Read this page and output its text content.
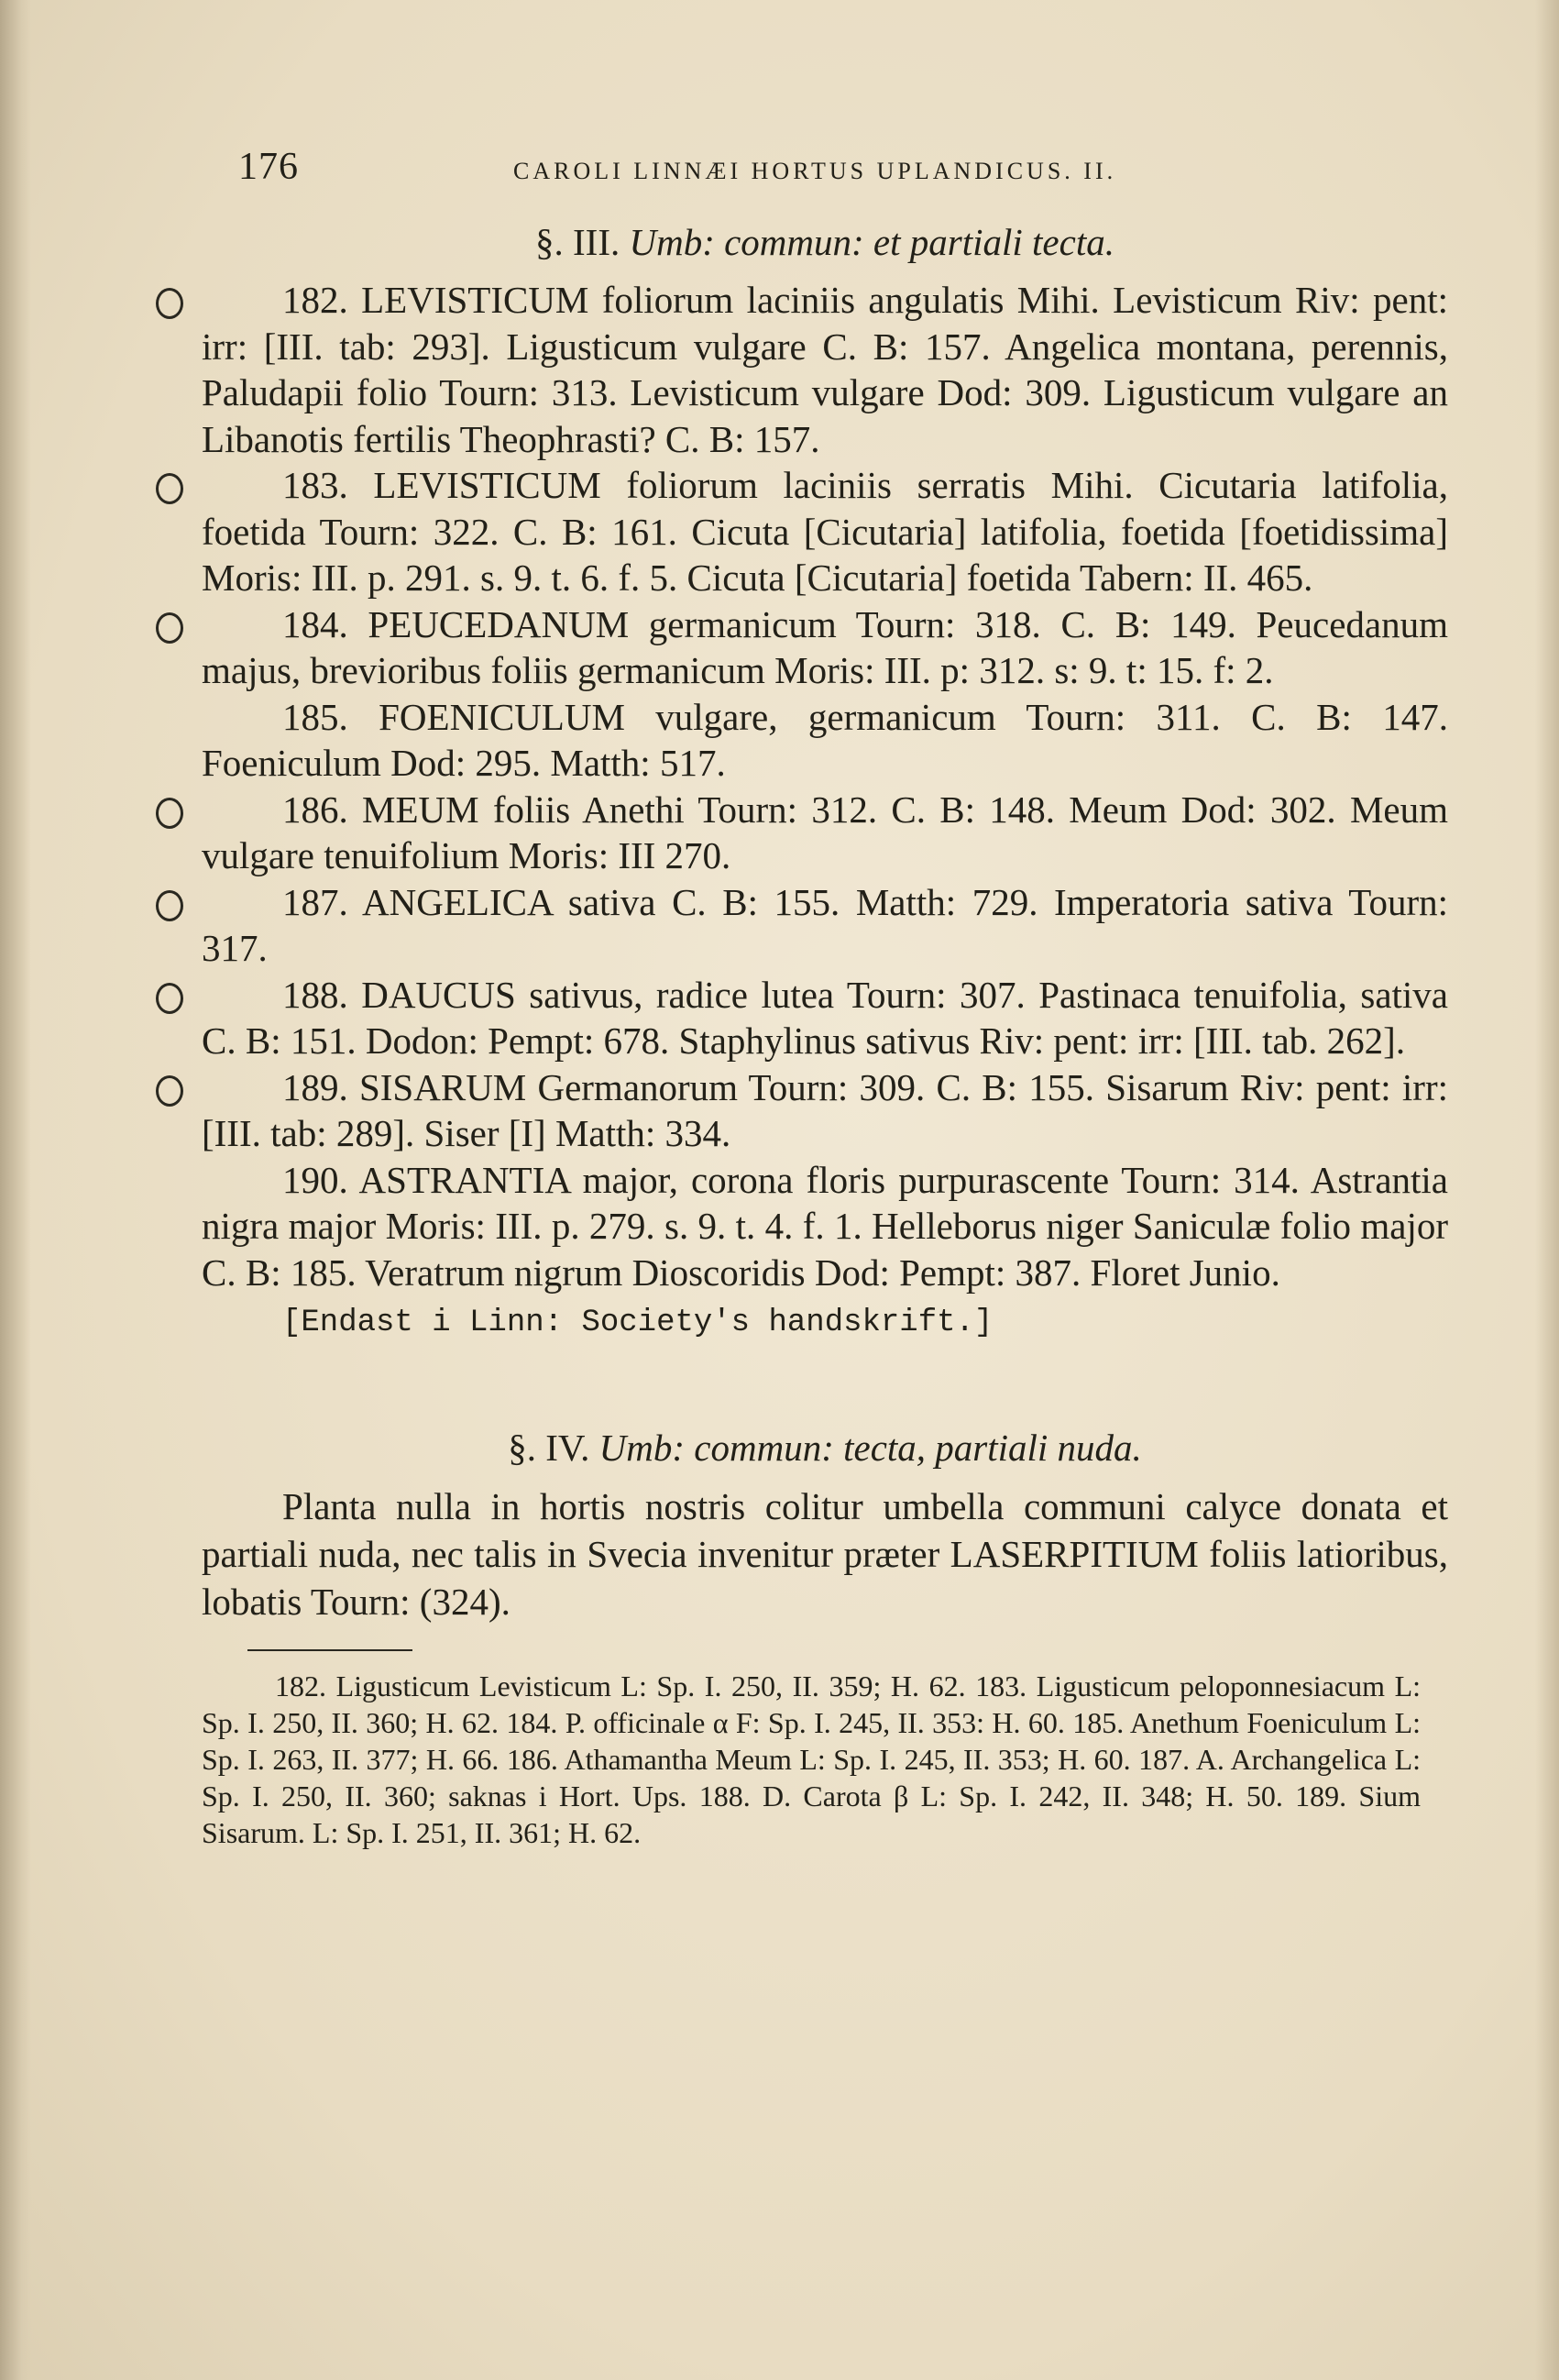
176	CAROLI LINNÆI HORTUS UPLANDICUS. II.
§. III. Umb: commun: et partiali tecta.
182. LEVISTICUM foliorum laciniis angulatis Mihi. Levisticum Riv: pent: irr: [III. tab: 293]. Ligusticum vulgare C. B: 157. Angelica montana, perennis, Paludapii folio Tourn: 313. Levisticum vulgare Dod: 309. Ligusticum vulgare an Libanotis fertilis Theophrasti? C. B: 157.
183. LEVISTICUM foliorum laciniis serratis Mihi. Cicutaria latifolia, foetida Tourn: 322. C. B: 161. Cicuta [Cicutaria] latifolia, foetida [foetidissima] Moris: III. p. 291. s. 9. t. 6. f. 5. Cicuta [Cicutaria] foetida Tabern: II. 465.
184. PEUCEDANUM germanicum Tourn: 318. C. B: 149. Peucedanum majus, brevioribus foliis germanicum Moris: III. p: 312. s: 9. t: 15. f: 2.
185. FOENICULUM vulgare, germanicum Tourn: 311. C. B: 147. Foeniculum Dod: 295. Matth: 517.
186. MEUM foliis Anethi Tourn: 312. C. B: 148. Meum Dod: 302. Meum vulgare tenuifolium Moris: III 270.
187. ANGELICA sativa C. B: 155. Matth: 729. Imperatoria sativa Tourn: 317.
188. DAUCUS sativus, radice lutea Tourn: 307. Pastinaca tenuifolia, sativa C. B: 151. Dodon: Pempt: 678. Staphylinus sativus Riv: pent: irr: [III. tab. 262].
189. SISARUM Germanorum Tourn: 309. C. B: 155. Sisarum Riv: pent: irr: [III. tab: 289]. Siser [I] Matth: 334.
190. ASTRANTIA major, corona floris purpurascente Tourn: 314. Astrantia nigra major Moris: III. p. 279. s. 9. t. 4. f. 1. Helleborus niger Saniculæ folio major C. B: 185. Veratrum nigrum Dioscoridis Dod: Pempt: 387. Floret Junio.
[Endast i Linn: Society's handskrift.]
§. IV. Umb: commun: tecta, partiali nuda.

Planta nulla in hortis nostris colitur umbella communi calyce donata et partiali nuda, nec talis in Svecia invenitur præter LASERPITIUM foliis latioribus, lobatis Tourn: (324).

182. Ligusticum Levisticum L: Sp. I. 250, II. 359; H. 62. 183. Ligusticum peloponnesiacum L: Sp. I. 250, II. 360; H. 62. 184. P. officinale α F: Sp. I. 245, II. 353: H. 60. 185. Anethum Foeniculum L: Sp. I. 263, II. 377; H. 66. 186. Athamantha Meum L: Sp. I. 245, II. 353; H. 60. 187. A. Archangelica L: Sp. I. 250, II. 360; saknas i Hort. Ups. 188. D. Carota β L: Sp. I. 242, II. 348; H. 50. 189. Sium Sisarum. L: Sp. I. 251, II. 361; H. 62.
